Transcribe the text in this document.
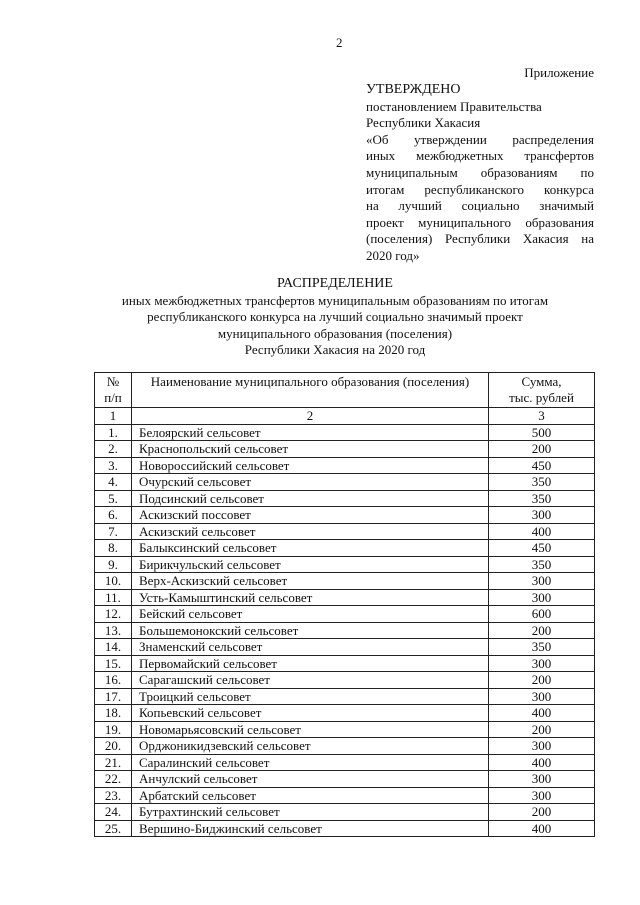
2
Приложение
УТВЕРЖДЕНО
постановлением Правительства
Республики Хакасия
«Об утверждении распределения
иных межбюджетных трансфертов
муниципальным образованиям по
итогам республиканского конкурса
на лучший социально значимый
проект муниципального образования
(поселения) Республики Хакасия на
2020 год»
РАСПРЕДЕЛЕНИЕ
иных межбюджетных трансфертов муниципальным образованиям по итогам
республиканского конкурса на лучший социально значимый проект
муниципального образования (поселения)
Республики Хакасия на 2020 год
№
п/п
	Наименование муниципального образования (поселения)	Сумма,
тыс. рублей

1	2	3
1.	Белоярский сельсовет	500
2.	Краснопольский сельсовет	200
3.	Новороссийский сельсовет	450
4.	Очурский сельсовет	350
5.	Подсинский сельсовет	350
6.	Аскизский поссовет	300
7.	Аскизский сельсовет	400
8.	Балыксинский сельсовет	450
9.	Бирикчульский сельсовет	350
10.	Верх-Аскизский сельсовет	300
11.	Усть-Камыштинский сельсовет	300
12.	Бейский сельсовет	600
13.	Большемонокский сельсовет	200
14.	Знаменский сельсовет	350
15.	Первомайский сельсовет	300
16.	Сарагашский сельсовет	200
17.	Троицкий сельсовет	300
18.	Копьевский сельсовет	400
19.	Новомарьясовский сельсовет	200
20.	Орджоникидзевский сельсовет	300
21.	Саралинский сельсовет	400
22.	Анчулский сельсовет	300
23.	Арбатский сельсовет	300
24.	Бутрахтинский сельсовет	200
25.	Вершино-Биджинский сельсовет	400
